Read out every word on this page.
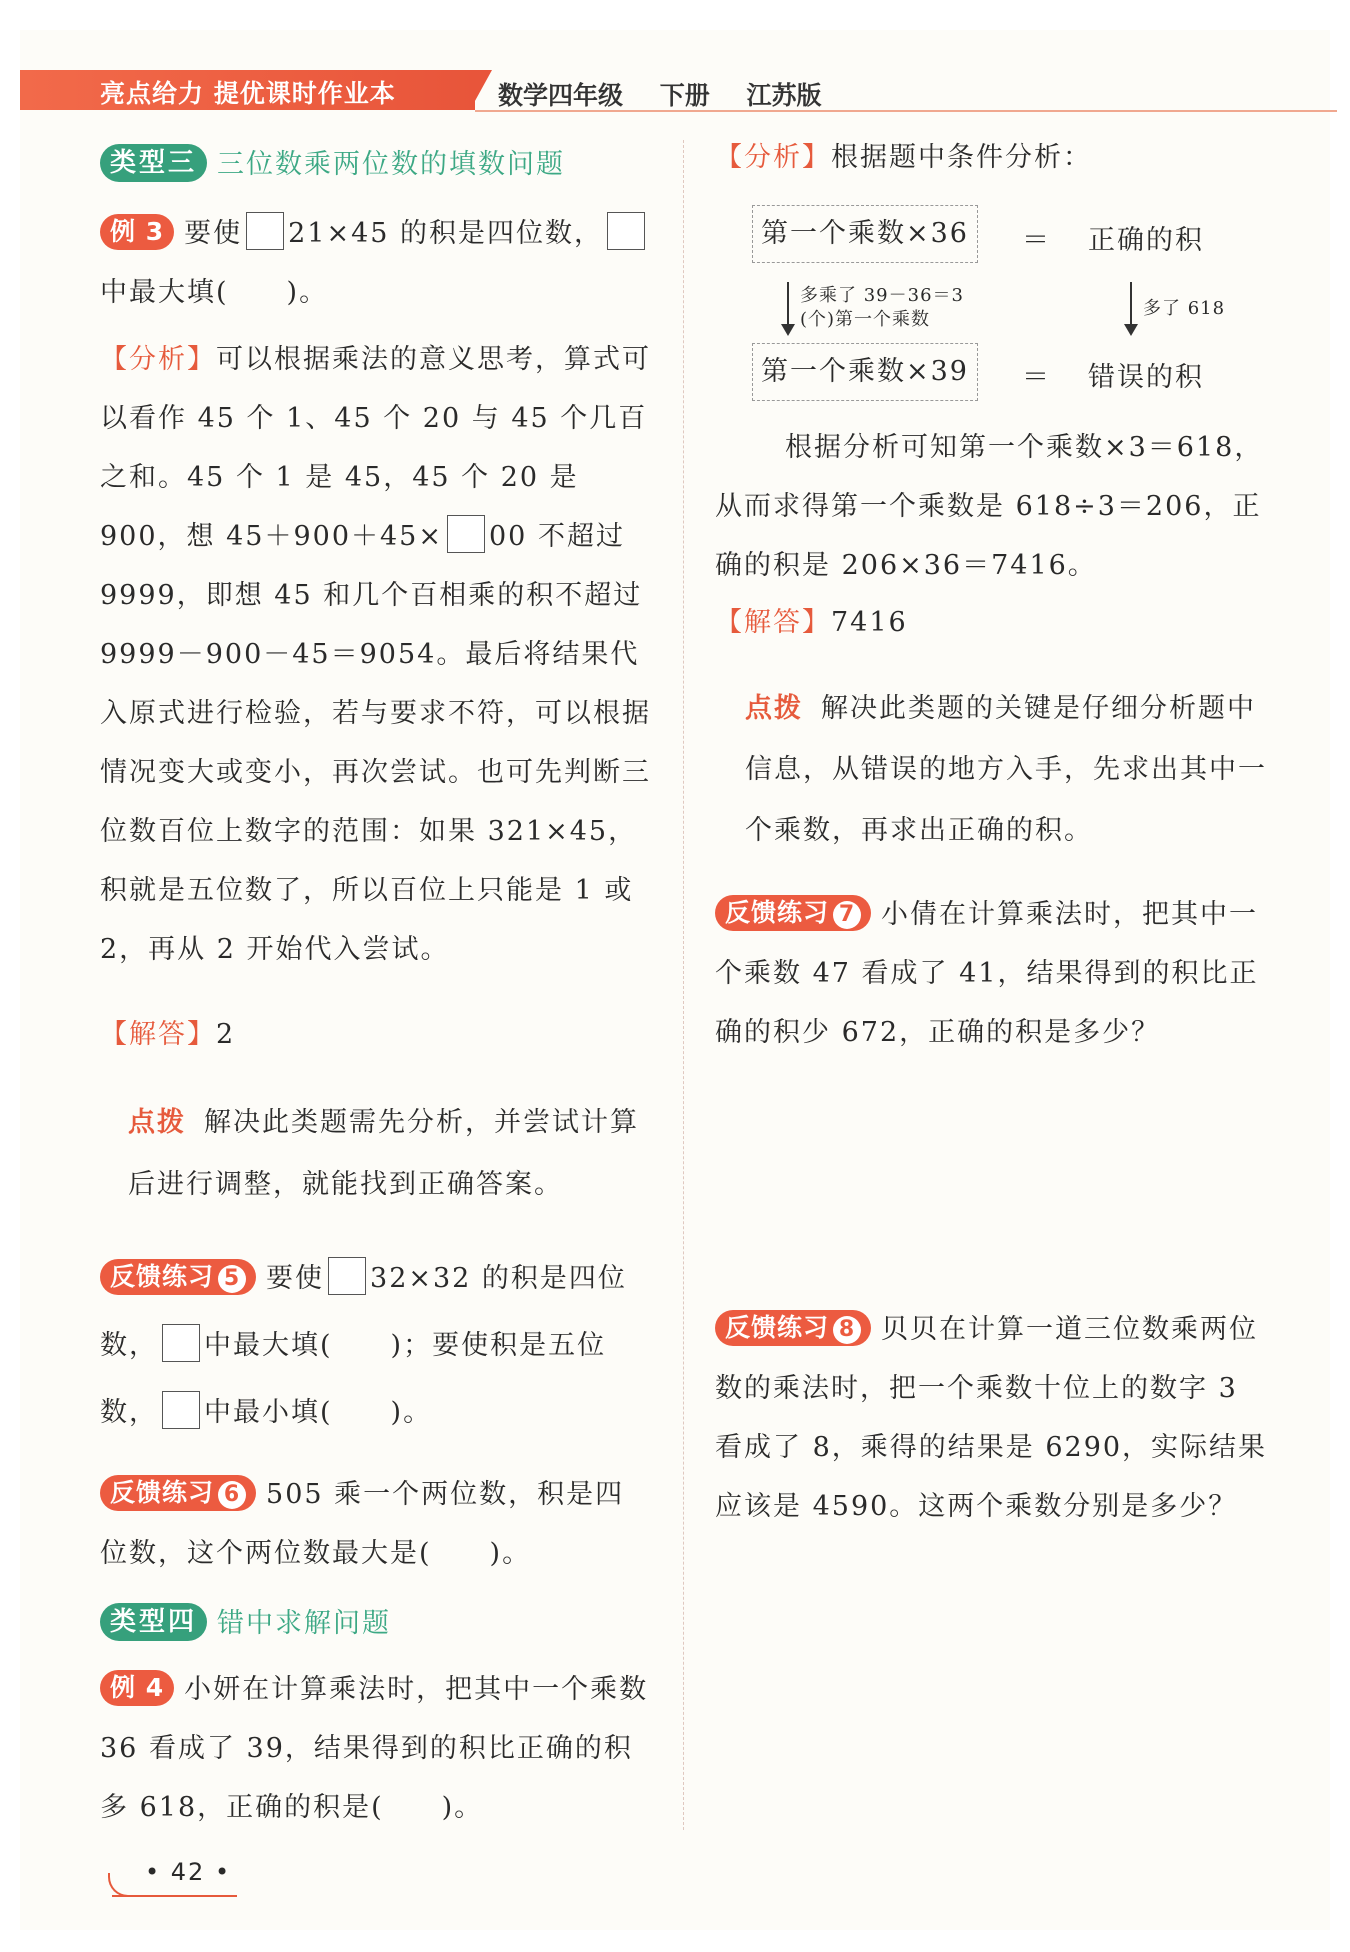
亮点给力 提优课时作业本	数学四年级 下册 江苏版
类型三 三位数乘两位数的填数问题
例 3 要使 21×45 的积是四位数，中最大填(　　)。
【分析】可以根据乘法的意义思考，算式可以看作 45 个 1、45 个 20 与 45 个几百之和。45 个 1 是 45，45 个 20 是 900，想 45＋900＋45× 00 不超过 9999，即想 45 和几个百相乘的积不超过 9999－900－45＝9054。最后将结果代入原式进行检验，若与要求不符，可以根据情况变大或变小，再次尝试。也可先判断三位数百位上数字的范围：如果 321×45，积就是五位数了，所以百位上只能是 1 或 2，再从 2 开始代入尝试。
【解答】2
点拨 解决此类题需先分析，并尝试计算后进行调整，就能找到正确答案。
反馈练习 5 要使 32×32 的积是四位数， 中最大填(　　)；要使积是五位数， 中最小填(　　)。
反馈练习 6 505 乘一个两位数，积是四位数，这个两位数最大是(　　)。
类型四 错中求解问题
例 4 小妍在计算乘法时，把其中一个乘数 36 看成了 39，结果得到的积比正确的积多 618，正确的积是(　　)。
【分析】根据题中条件分析：
第一个乘数×36	＝ 正确的积
多乘了 39－36＝3
(个)第一个乘数
多了 618
第一个乘数×39	＝ 错误的积
根据分析可知第一个乘数×3＝618，从而求得第一个乘数是 618÷3＝206，正确的积是 206×36＝7416。
【解答】7416
点拨 解决此类题的关键是仔细分析题中信息，从错误的地方入手，先求出其中一个乘数，再求出正确的积。
反馈练习 7 小倩在计算乘法时，把其中一个乘数 47 看成了 41，结果得到的积比正确的积少 672，正确的积是多少？
反馈练习 8 贝贝在计算一道三位数乘两位数的乘法时，把一个乘数十位上的数字 3 看成了 8，乘得的结果是 6290，实际结果应该是 4590。这两个乘数分别是多少？
• 42 •
